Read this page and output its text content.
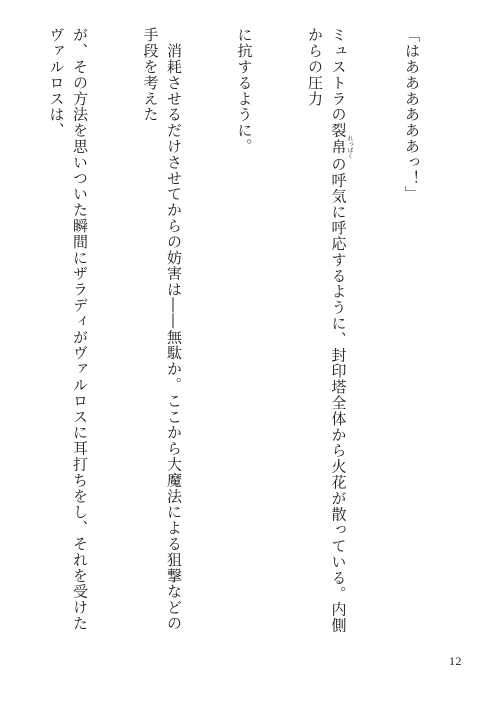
「はああああああっ！」

ミュストラの裂帛れっぱくの呼気に呼応するように、封印塔全体から火花が散っている。内側からの圧力

に抗するように。

　消耗させるだけさせてからの妨害は――無駄か。ここから大魔法による狙撃などの手段を考えた

が、その方法を思いついた瞬間にザラディがヴァルロスに耳打ちをし、それを受けたヴァルロスは、

12
